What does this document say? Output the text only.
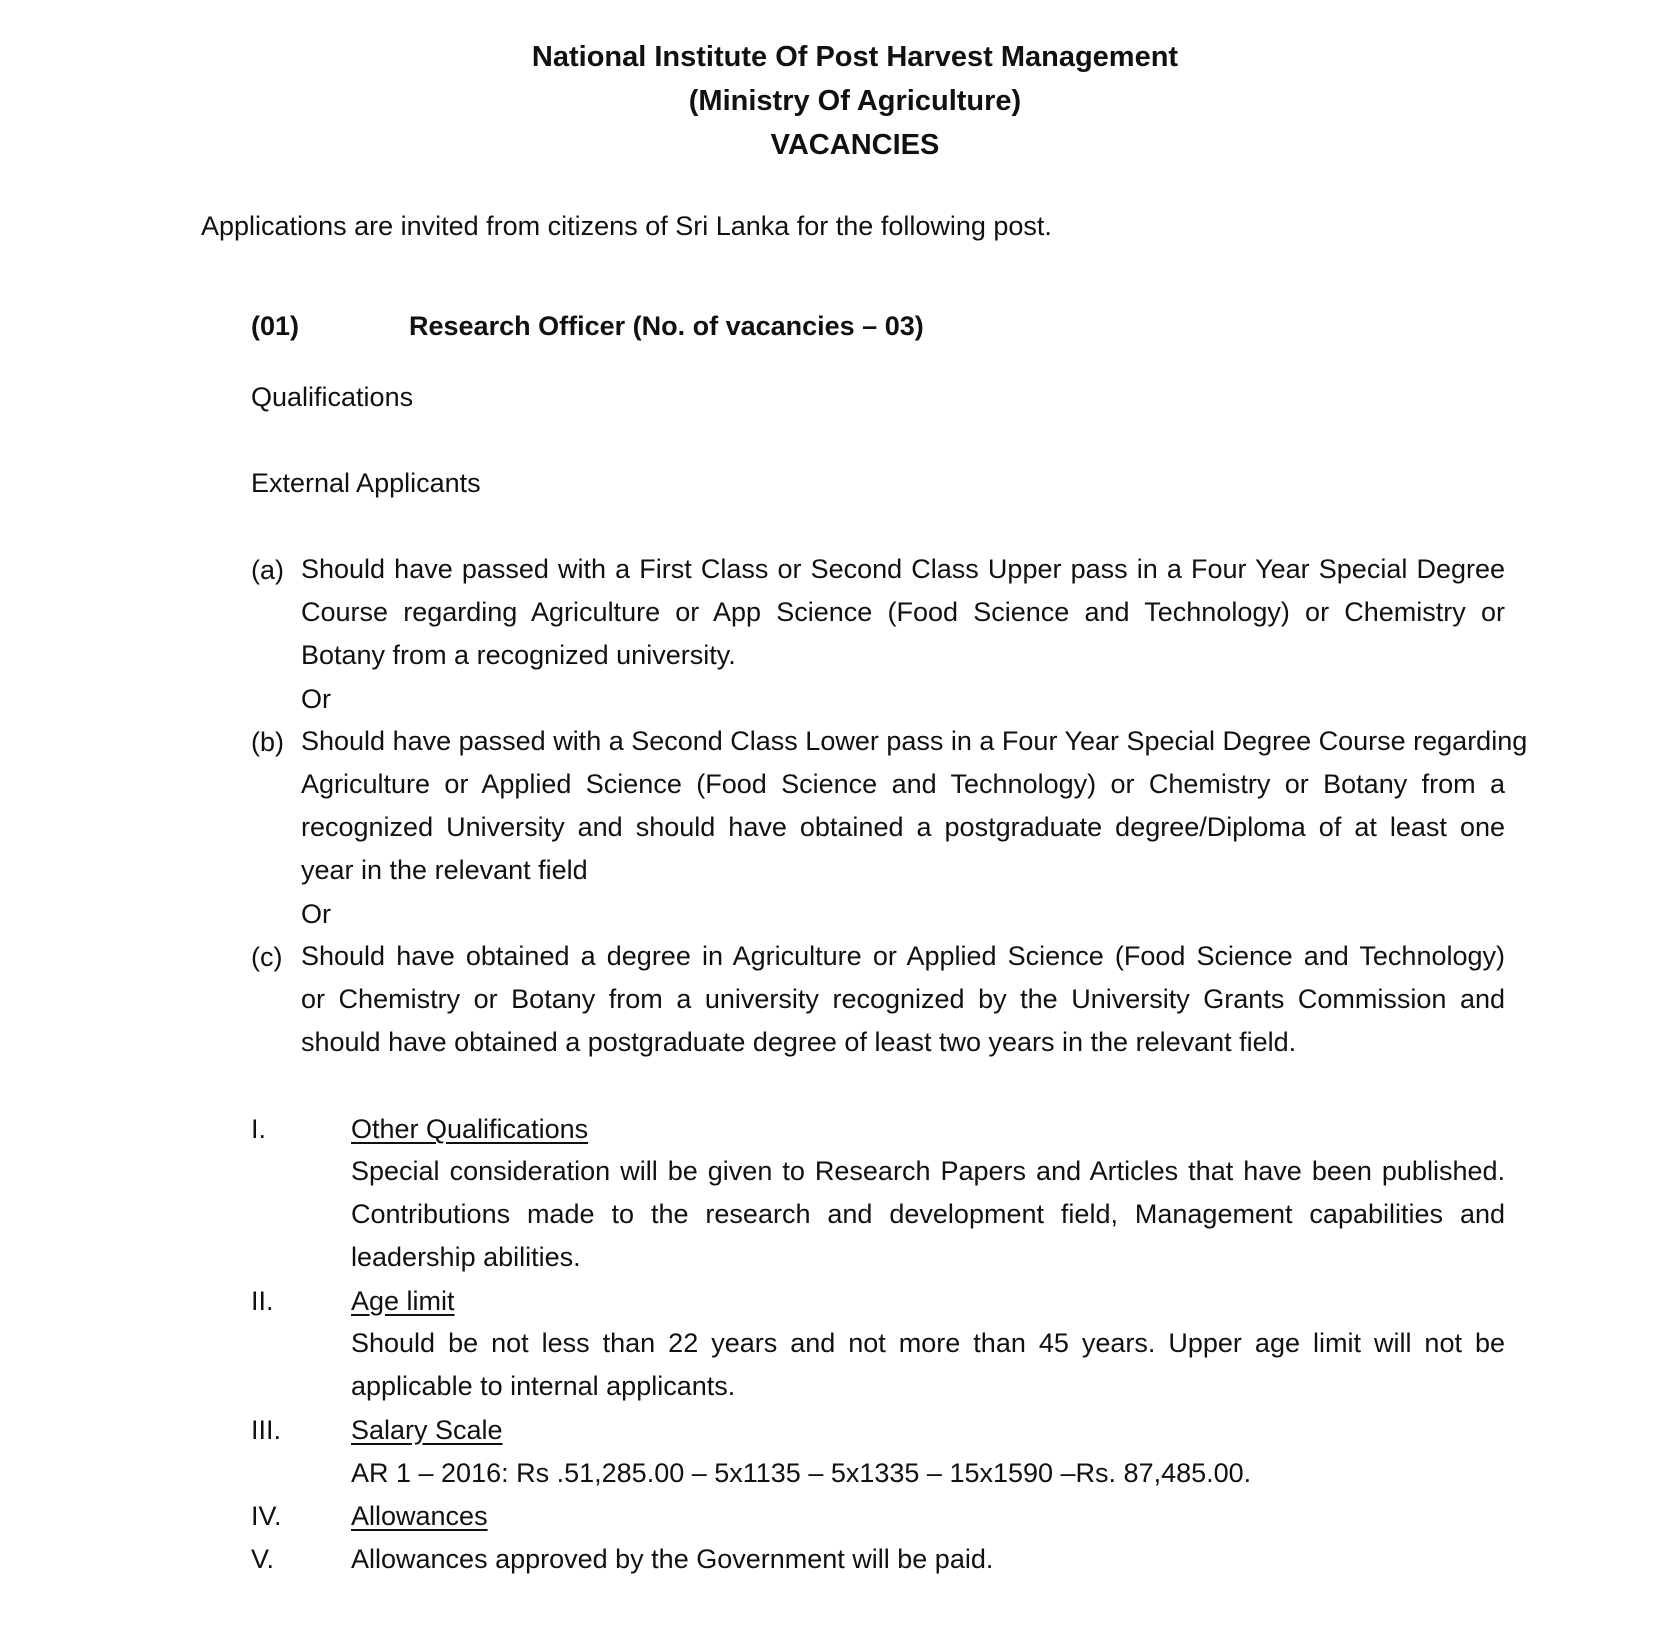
National Institute Of Post Harvest Management
(Ministry Of Agriculture)
VACANCIES
Applications are invited from citizens of Sri Lanka for the following post.
(01)	Research Officer (No. of vacancies – 03)
Qualifications
External Applicants
(a) Should have passed with a First Class or Second Class Upper pass in a Four Year Special Degree
Course regarding Agriculture or App Science (Food Science and Technology) or Chemistry or
Botany from a recognized university.
Or
(b) Should have passed with a Second Class Lower pass in a Four Year Special Degree Course regarding
Agriculture or Applied Science (Food Science and Technology) or Chemistry or Botany from a
recognized University and should have obtained a postgraduate degree/Diploma of at least one
year in the relevant field
Or
(c) Should have obtained a degree in Agriculture or Applied Science (Food Science and Technology)
or Chemistry or Botany from a university recognized by the University Grants Commission and
should have obtained a postgraduate degree of least two years in the relevant field.
I.	Other Qualifications
Special consideration will be given to Research Papers and Articles that have been published.
Contributions made to the research and development field, Management capabilities and
leadership abilities.
II.	Age limit
Should be not less than 22 years and not more than 45 years. Upper age limit will not be
applicable to internal applicants.
III.	Salary Scale
AR 1 – 2016: Rs .51,285.00 – 5x1135 – 5x1335 – 15x1590 –Rs. 87,485.00.
IV.	Allowances
V.	Allowances approved by the Government will be paid.
